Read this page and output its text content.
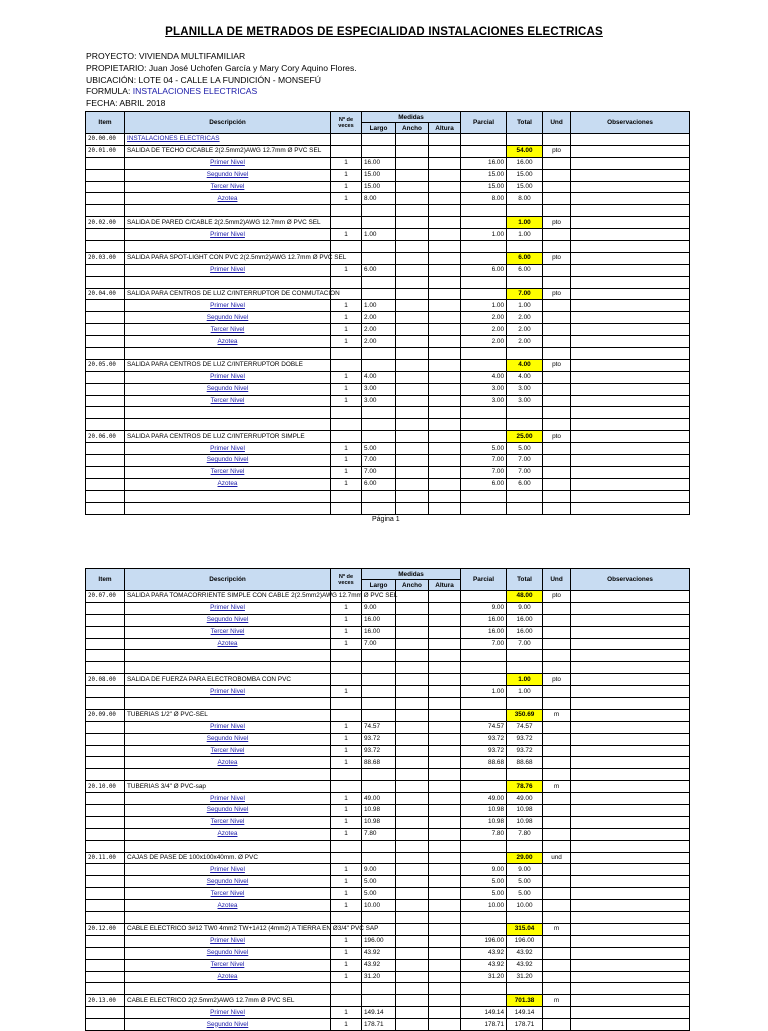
PLANILLA DE METRADOS DE ESPECIALIDAD INSTALACIONES ELECTRICAS
PROYECTO: VIVIENDA MULTIFAMILIAR
PROPIETARIO: Juan José Uchofen García y Mary Cory Aquino Flores.
UBICACIÓN: LOTE 04 - CALLE LA FUNDICIÓN - MONSEFÚ
FORMULA: INSTALACIONES ELECTRICAS
FECHA: ABRIL 2018
Item	Descripción	Nº de
veces	Medidas			Parcial	Total	Und	Observaciones
			Largo	Ancho	Altura				
20.00.00	INSTALACIONES ELECTRICAS								
20.01.00	SALIDA DE TECHO C/CABLE 2(2.5mm2)AWG 12.7mm Ø PVC SEL						54.00	pto	
	Primer Nivel	1	16.00			16.00	16.00		
	Segundo Nivel	1	15.00			15.00	15.00		
	Tercer Nivel	1	15.00			15.00	15.00		
	Azotea	1	8.00			8.00	8.00		

20.02.00	SALIDA DE PARED C/CABLE 2(2.5mm2)AWG 12.7mm Ø PVC SEL						1.00	pto	
	Primer Nivel	1	1.00			1.00	1.00		

20.03.00	SALIDA PARA SPOT-LIGHT CON PVC 2(2.5mm2)AWG 12.7mm Ø PVC SEL						6.00	pto	
	Primer Nivel	1	6.00			6.00	6.00		

20.04.00	SALIDA PARA CENTROS DE LUZ C/INTERRUPTOR DE CONMUTACION						7.00	pto	
	Primer Nivel	1	1.00			1.00	1.00		
	Segundo Nivel	1	2.00			2.00	2.00		
	Tercer Nivel	1	2.00			2.00	2.00		
	Azotea	1	2.00			2.00	2.00		

20.05.00	SALIDA PARA CENTROS DE LUZ C/INTERRUPTOR DOBLE						4.00	pto	
	Primer Nivel	1	4.00			4.00	4.00		
	Segundo Nivel	1	3.00			3.00	3.00		
	Tercer Nivel	1	3.00			3.00	3.00		

20.06.00	SALIDA PARA CENTROS DE LUZ C/INTERRUPTOR SIMPLE						25.00	pto	
	Primer Nivel	1	5.00			5.00	5.00		
	Segundo Nivel	1	7.00			7.00	7.00		
	Tercer Nivel	1	7.00			7.00	7.00		
	Azotea	1	6.00			6.00	6.00		

Página 1
Item	Descripción	Nº de
veces	Medidas			Parcial	Total	Und	Observaciones
			Largo	Ancho	Altura				
20.07.00	SALIDA PARA TOMACORRIENTE SIMPLE CON CABLE 2(2.5mm2)AWG 12.7mm Ø PVC SEL						48.00	pto	
	Primer Nivel	1	9.00			9.00	9.00		
	Segundo Nivel	1	16.00			16.00	16.00		
	Tercer Nivel	1	16.00			16.00	16.00		
	Azotea	1	7.00			7.00	7.00		

20.08.00	SALIDA DE FUERZA PARA ELECTROBOMBA CON PVC						1.00	pto	
	Primer Nivel	1				1.00	1.00		

20.09.00	TUBERIAS 1/2" Ø PVC-SEL						350.69	m	
	Primer Nivel	1	74.57			74.57	74.57		
	Segundo Nivel	1	93.72			93.72	93.72		
	Tercer Nivel	1	93.72			93.72	93.72		
	Azotea	1	88.68			88.68	88.68		

20.10.00	TUBERIAS 3/4" Ø PVC-sap						78.76	m	
	Primer Nivel	1	49.00			49.00	49.00		
	Segundo Nivel	1	10.98			10.98	10.98		
	Tercer Nivel	1	10.98			10.98	10.98		
	Azotea	1	7.80			7.80	7.80		

20.11.00	CAJAS DE PASE DE 100x100x40mm. Ø PVC						29.00	und	
	Primer Nivel	1	9.00			9.00	9.00		
	Segundo Nivel	1	5.00			5.00	5.00		
	Tercer Nivel	1	5.00			5.00	5.00		
	Azotea	1	10.00			10.00	10.00		

20.12.00	CABLE ELECTRICO 3#12 TW0 4mm2 TW+1#12 (4mm2) A TIERRA EN Ø3/4" PVC SAP						315.04	m	
	Primer Nivel	1	196.00			196.00	196.00		
	Segundo Nivel	1	43.92			43.92	43.92		
	Tercer Nivel	1	43.92			43.92	43.92		
	Azotea	1	31.20			31.20	31.20		

20.13.00	CABLE ELECTRICO 2(2.5mm2)AWG 12.7mm Ø PVC SEL						701.38	m	
	Primer Nivel	1	149.14			149.14	149.14		
	Segundo Nivel	1	178.71			178.71	178.71		
